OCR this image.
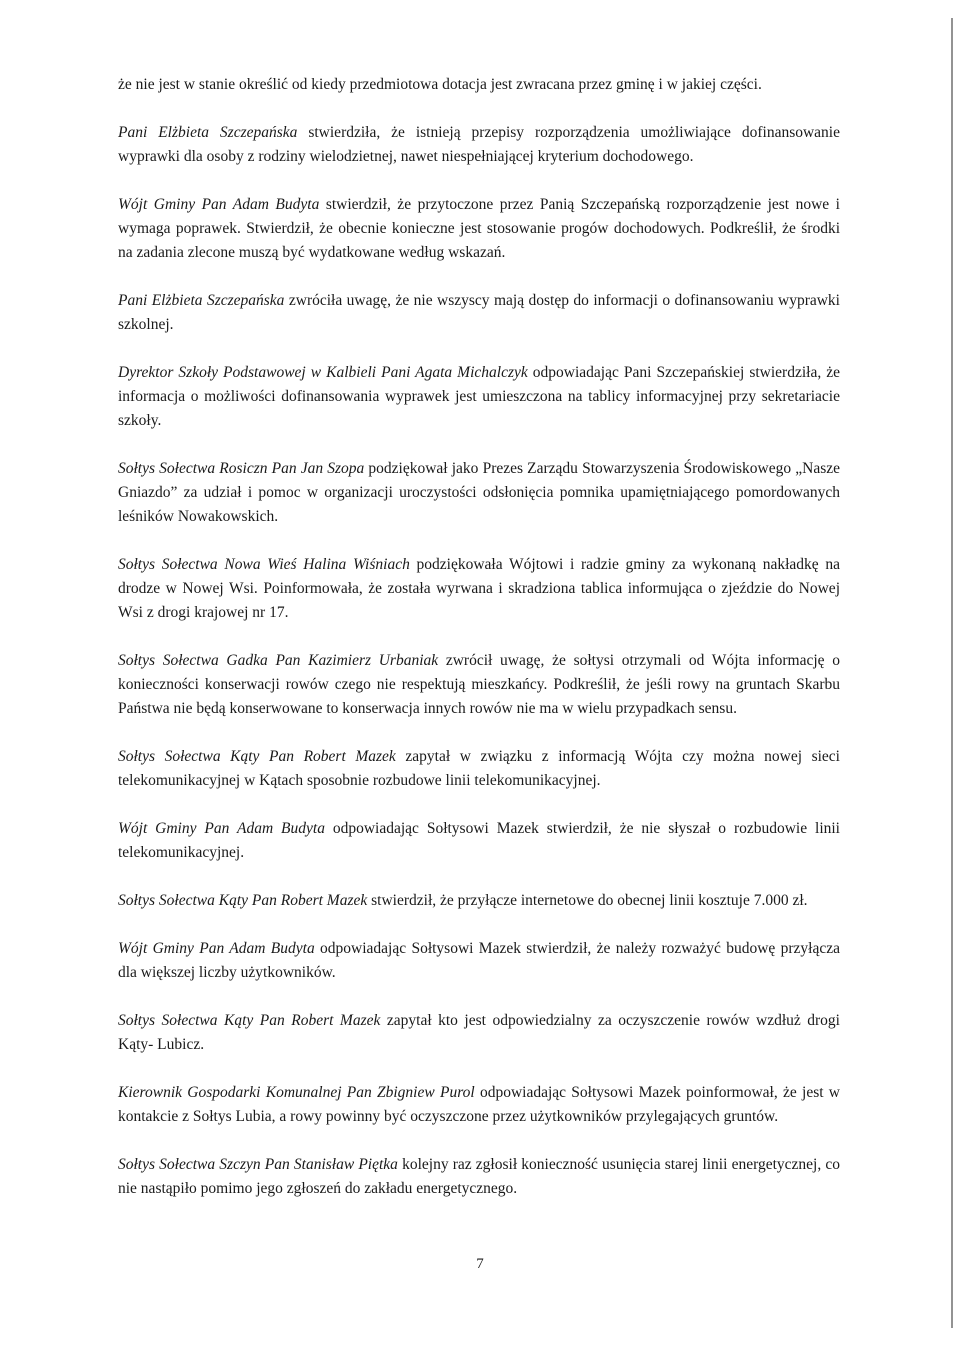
że nie jest w stanie określić od kiedy przedmiotowa dotacja jest zwracana przez gminę i w jakiej części.

Pani Elżbieta Szczepańska stwierdziła, że istnieją przepisy rozporządzenia umożliwiające dofinansowanie wyprawki dla osoby z rodziny wielodzietnej, nawet niespełniającej kryterium dochodowego.

Wójt Gminy Pan Adam Budyta stwierdził, że przytoczone przez Panią Szczepańską rozporządzenie jest nowe i wymaga poprawek. Stwierdził, że obecnie konieczne jest stosowanie progów dochodowych. Podkreślił, że środki na zadania zlecone muszą być wydatkowane według wskazań.

Pani Elżbieta Szczepańska zwróciła uwagę, że nie wszyscy mają dostęp do informacji o dofinansowaniu wyprawki szkolnej.

Dyrektor Szkoły Podstawowej w Kalbieli Pani Agata Michalczyk odpowiadając Pani Szczepańskiej stwierdziła, że informacja o możliwości dofinansowania wyprawek jest umieszczona na tablicy informacyjnej przy sekretariacie szkoły.

Sołtys Sołectwa Rosiczn Pan Jan Szopa podziękował jako Prezes Zarządu Stowarzyszenia Środowiskowego „Nasze Gniazdo” za udział i pomoc w organizacji uroczystości odsłonięcia pomnika upamiętniającego pomordowanych leśników Nowakowskich.

Sołtys Sołectwa Nowa Wieś Halina Wiśniach podziękowała Wójtowi i radzie gminy za wykonaną nakładkę na drodze w Nowej Wsi. Poinformowała, że została wyrwana i skradziona tablica informująca o zjeździe do Nowej Wsi z drogi krajowej nr 17.

Sołtys Sołectwa Gadka Pan Kazimierz Urbaniak zwrócił uwagę, że sołtysi otrzymali od Wójta informację o konieczności konserwacji rowów czego nie respektują mieszkańcy. Podkreślił, że jeśli rowy na gruntach Skarbu Państwa nie będą konserwowane to konserwacja innych rowów nie ma w wielu przypadkach sensu.

Sołtys Sołectwa Kąty Pan Robert Mazek zapytał w związku z informacją Wójta czy można nowej sieci telekomunikacyjnej w Kątach sposobnie rozbudowe linii telekomunikacyjnej.

Wójt Gminy Pan Adam Budyta odpowiadając Sołtysowi Mazek stwierdził, że nie słyszał o rozbudowie linii telekomunikacyjnej.

Sołtys Sołectwa Kąty Pan Robert Mazek stwierdził, że przyłącze internetowe do obecnej linii kosztuje 7.000 zł.

Wójt Gminy Pan Adam Budyta odpowiadając Sołtysowi Mazek stwierdził, że należy rozważyć budowę przyłącza dla większej liczby użytkowników.

Sołtys Sołectwa Kąty Pan Robert Mazek zapytał kto jest odpowiedzialny za oczyszczenie rowów wzdłuż drogi Kąty- Lubicz.

Kierownik Gospodarki Komunalnej Pan Zbigniew Purol odpowiadając Sołtysowi Mazek poinformował, że jest w kontakcie z Sołtys Lubia, a rowy powinny być oczyszczone przez użytkowników przylegających gruntów.

Sołtys Sołectwa Szczyn Pan Stanisław Piętka kolejny raz zgłosił konieczność usunięcia starej linii energetycznej, co nie nastąpiło pomimo jego zgłoszeń do zakładu energetycznego.

7
